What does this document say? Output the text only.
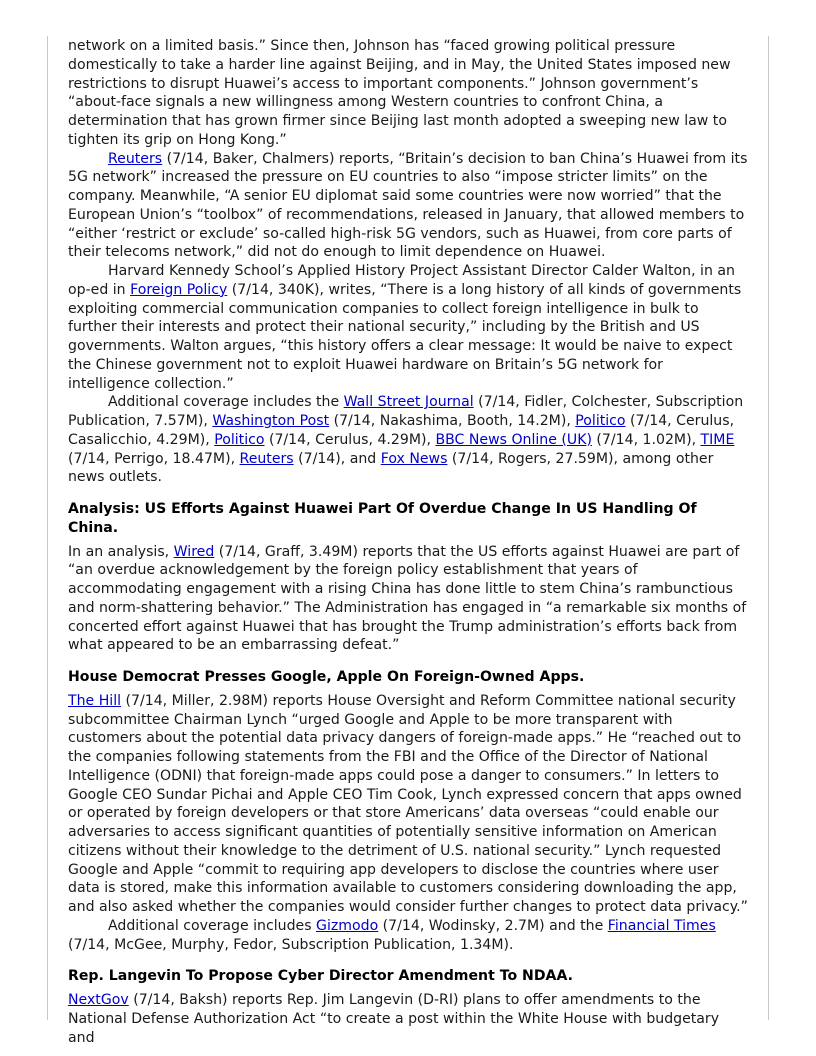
network on a limited basis.” Since then, Johnson has “faced growing political pressure domestically to take a harder line against Beijing, and in May, the United States imposed new restrictions to disrupt Huawei’s access to important components.” Johnson government’s “about-face signals a new willingness among Western countries to confront China, a determination that has grown firmer since Beijing last month adopted a sweeping new law to tighten its grip on Hong Kong.”

Reuters (7/14, Baker, Chalmers) reports, “Britain’s decision to ban China’s Huawei from its 5G network” increased the pressure on EU countries to also “impose stricter limits” on the company. Meanwhile, “A senior EU diplomat said some countries were now worried” that the European Union’s “toolbox” of recommendations, released in January, that allowed members to “either ‘restrict or exclude’ so-called high-risk 5G vendors, such as Huawei, from core parts of their telecoms network,” did not do enough to limit dependence on Huawei.

Harvard Kennedy School’s Applied History Project Assistant Director Calder Walton, in an op-ed in Foreign Policy (7/14, 340K), writes, “There is a long history of all kinds of governments exploiting commercial communication companies to collect foreign intelligence in bulk to further their interests and protect their national security,” including by the British and US governments. Walton argues, “this history offers a clear message: It would be naive to expect the Chinese government not to exploit Huawei hardware on Britain’s 5G network for intelligence collection.”

Additional coverage includes the Wall Street Journal (7/14, Fidler, Colchester, Subscription Publication, 7.57M), Washington Post (7/14, Nakashima, Booth, 14.2M), Politico (7/14, Cerulus, Casalicchio, 4.29M), Politico (7/14, Cerulus, 4.29M), BBC News Online (UK) (7/14, 1.02M), TIME (7/14, Perrigo, 18.47M), Reuters (7/14), and Fox News (7/14, Rogers, 27.59M), among other news outlets.

Analysis: US Efforts Against Huawei Part Of Overdue Change In US Handling Of China.

In an analysis, Wired (7/14, Graff, 3.49M) reports that the US efforts against Huawei are part of “an overdue acknowledgement by the foreign policy establishment that years of accommodating engagement with a rising China has done little to stem China’s rambunctious and norm-shattering behavior.” The Administration has engaged in “a remarkable six months of concerted effort against Huawei that has brought the Trump administration’s efforts back from what appeared to be an embarrassing defeat.”

House Democrat Presses Google, Apple On Foreign-Owned Apps.

The Hill (7/14, Miller, 2.98M) reports House Oversight and Reform Committee national security subcommittee Chairman Lynch “urged Google and Apple to be more transparent with customers about the potential data privacy dangers of foreign-made apps.” He “reached out to the companies following statements from the FBI and the Office of the Director of National Intelligence (ODNI) that foreign-made apps could pose a danger to consumers.” In letters to Google CEO Sundar Pichai and Apple CEO Tim Cook, Lynch expressed concern that apps owned or operated by foreign developers or that store Americans’ data overseas “could enable our adversaries to access significant quantities of potentially sensitive information on American citizens without their knowledge to the detriment of U.S. national security.” Lynch requested Google and Apple “commit to requiring app developers to disclose the countries where user data is stored, make this information available to customers considering downloading the app, and also asked whether the companies would consider further changes to protect data privacy.”

Additional coverage includes Gizmodo (7/14, Wodinsky, 2.7M) and the Financial Times (7/14, McGee, Murphy, Fedor, Subscription Publication, 1.34M).

Rep. Langevin To Propose Cyber Director Amendment To NDAA.

NextGov (7/14, Baksh) reports Rep. Jim Langevin (D-RI) plans to offer amendments to the National Defense Authorization Act “to create a post within the White House with budgetary and
